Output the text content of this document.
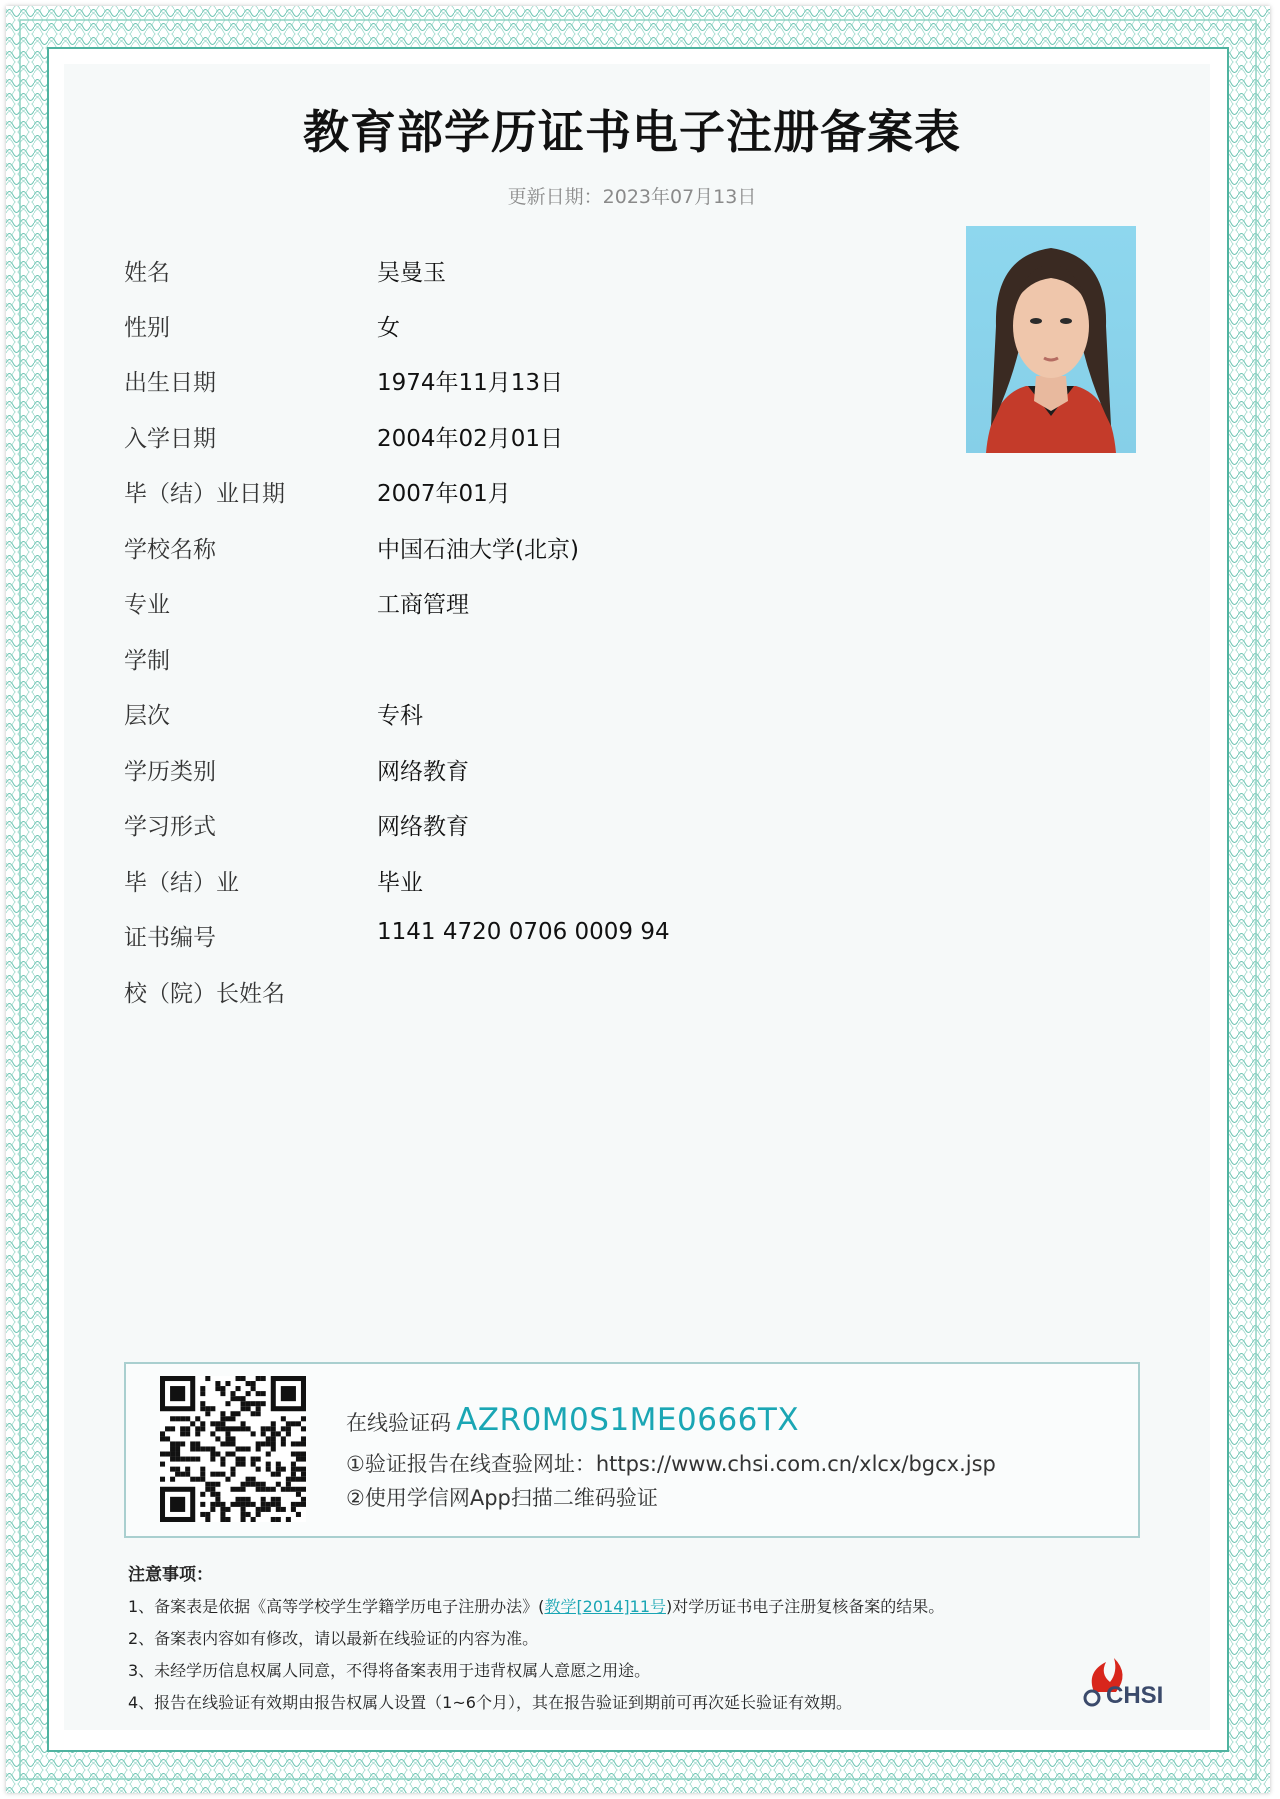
教育部学历证书电子注册备案表
更新日期：2023年07月13日
姓名	吴曼玉
性别	女
出生日期	1974年11月13日
入学日期	2004年02月01日
毕（结）业日期	2007年01月
学校名称	中国石油大学(北京)
专业	工商管理
学制
层次	专科
学历类别	网络教育
学习形式	网络教育
毕（结）业	毕业
证书编号	1141 4720 0706 0009 94
校（院）长姓名
在线验证码 AZR0M0S1ME0666TX
①验证报告在线查验网址：https://www.chsi.com.cn/xlcx/bgcx.jsp
②使用学信网App扫描二维码验证
注意事项：
1、备案表是依据《高等学校学生学籍学历电子注册办法》(教学[2014]11号)对学历证书电子注册复核备案的结果。
2、备案表内容如有修改，请以最新在线验证的内容为准。
3、未经学历信息权属人同意，不得将备案表用于违背权属人意愿之用途。
4、报告在线验证有效期由报告权属人设置（1~6个月），其在报告验证到期前可再次延长验证有效期。	CHSI
